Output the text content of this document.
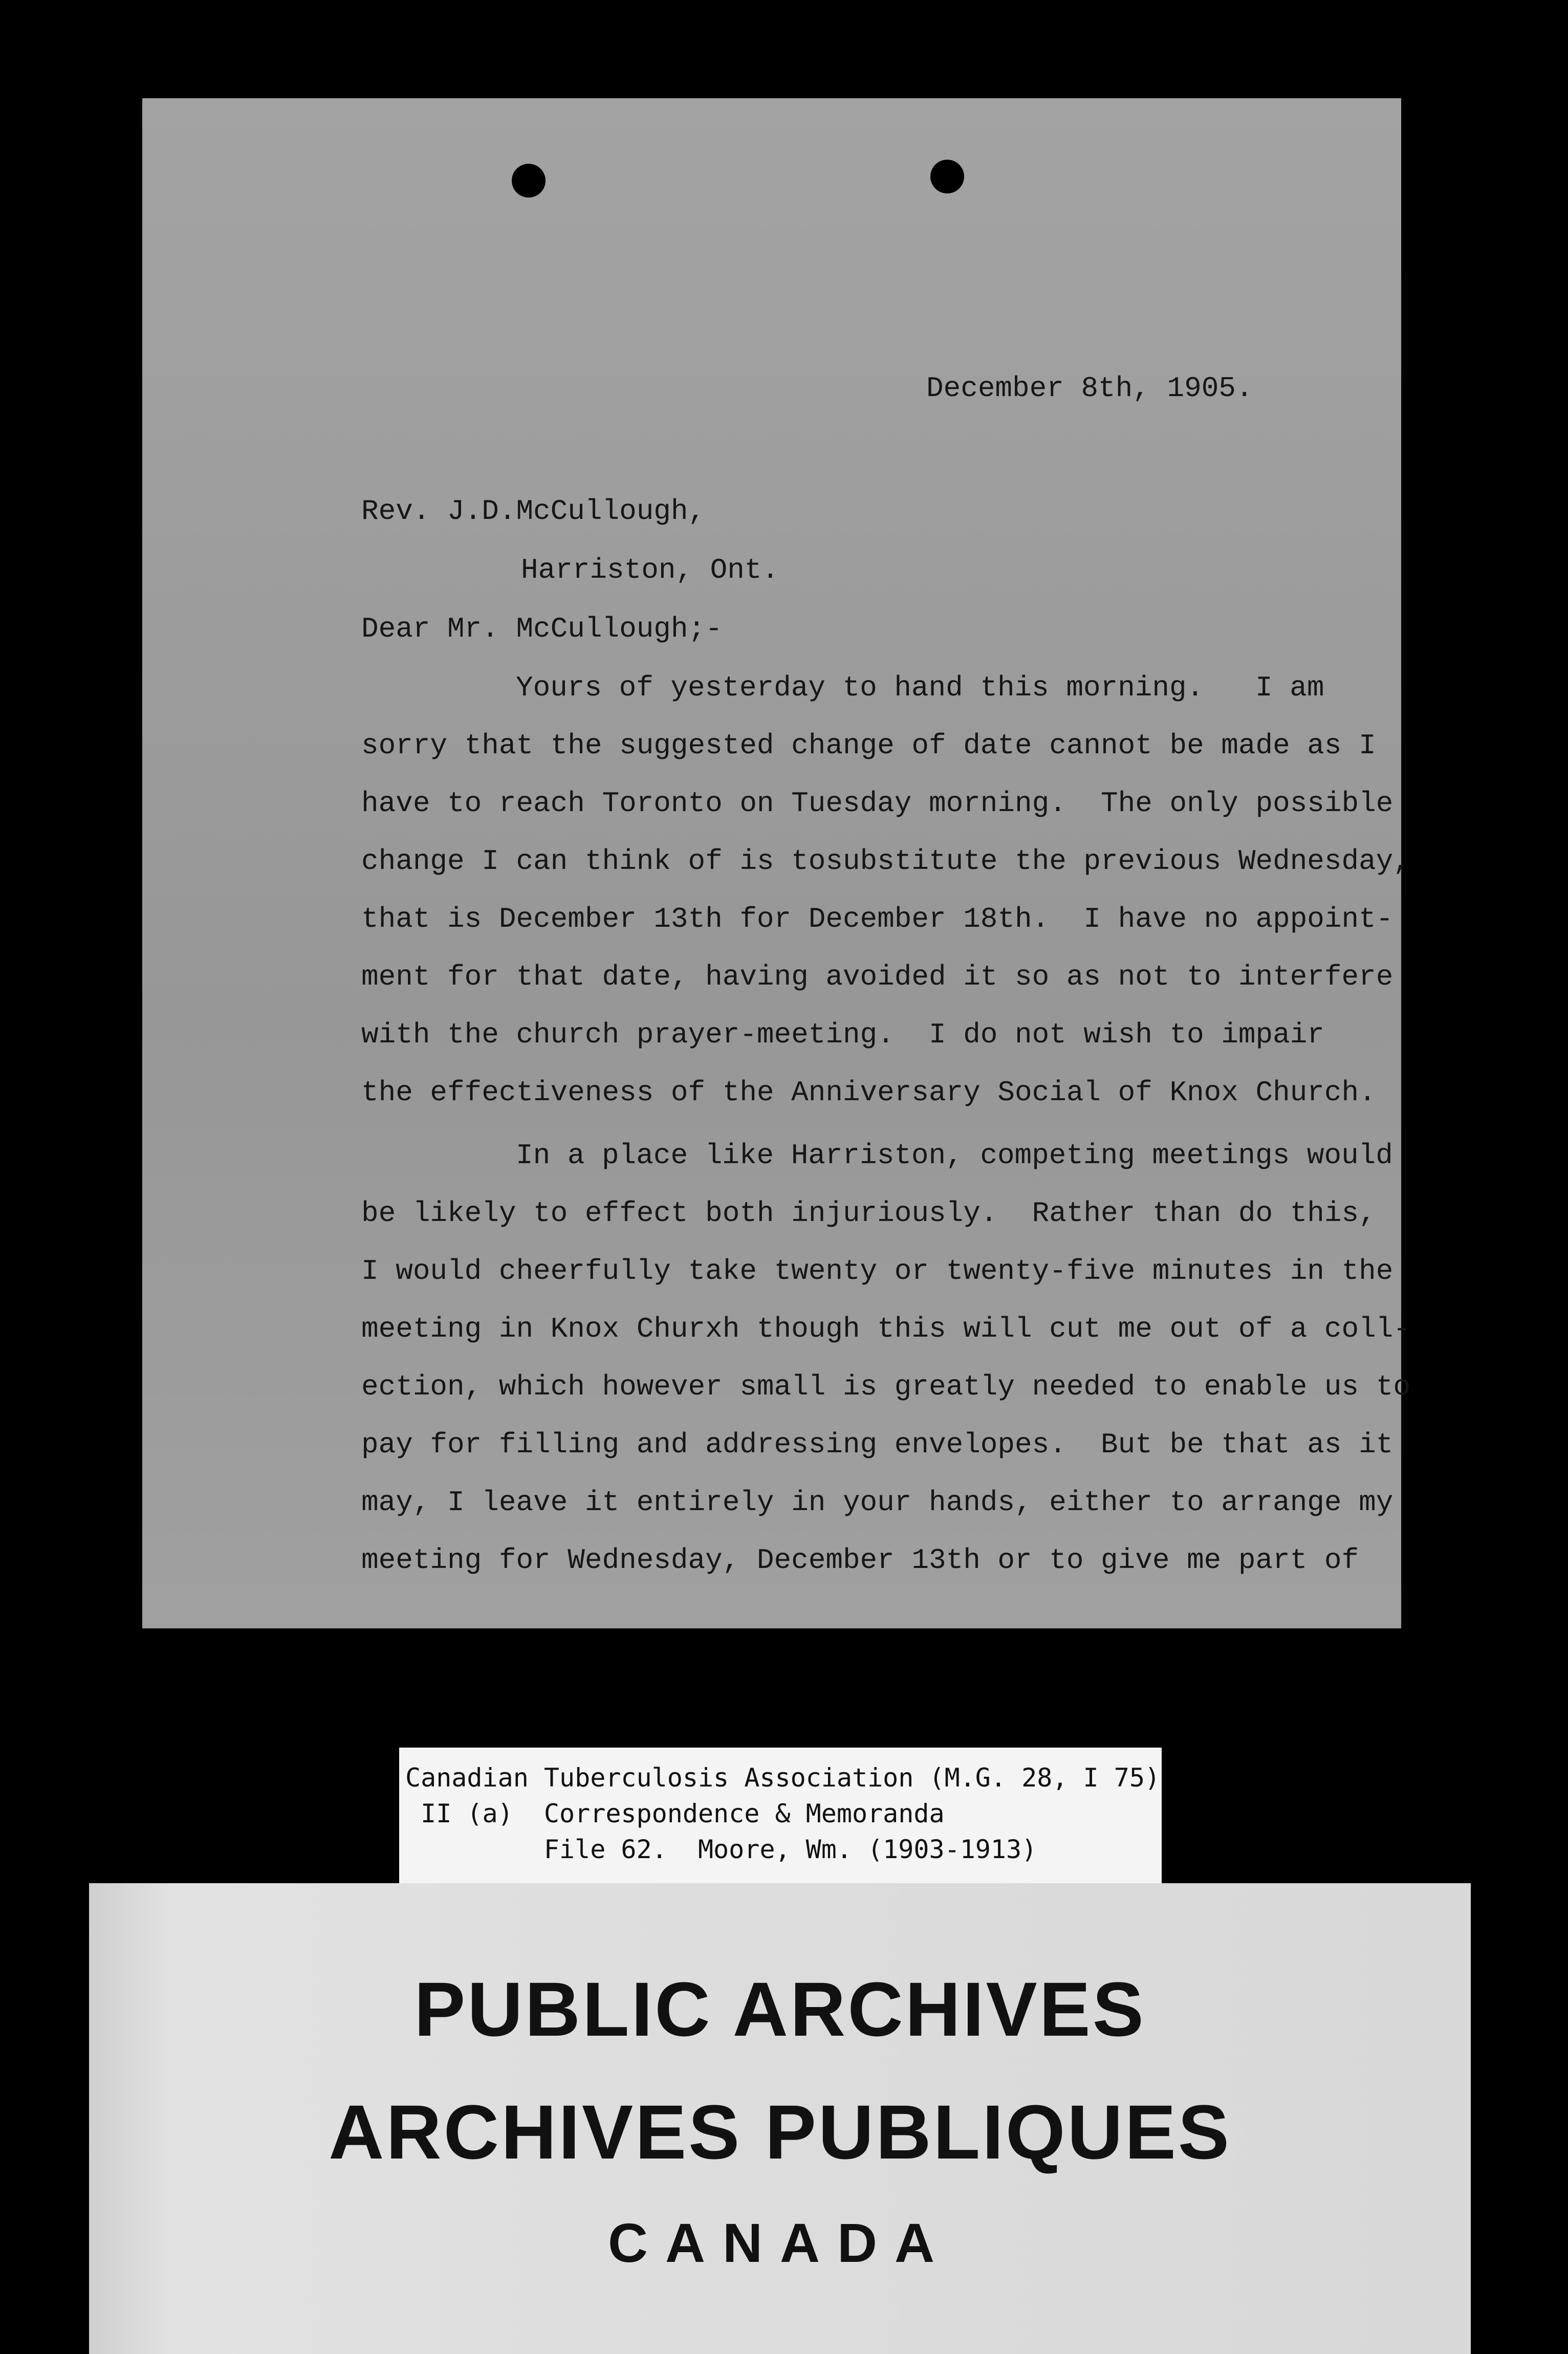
December 8th, 1905.
Rev. J.D.McCullough,
Harriston, Ont.
Dear Mr. McCullough;-
Yours of yesterday to hand this morning.   I am
sorry that the suggested change of date cannot be made as I
have to reach Toronto on Tuesday morning.  The only possible
change I can think of is tosubstitute the previous Wednesday,
that is December 13th for December 18th.  I have no appoint-
ment for that date, having avoided it so as not to interfere
with the church prayer-meeting.  I do not wish to impair
the effectiveness of the Anniversary Social of Knox Church.
In a place like Harriston, competing meetings would
be likely to effect both injuriously.  Rather than do this,
I would cheerfully take twenty or twenty-five minutes in the
meeting in Knox Churxh though this will cut me out of a coll-
ection, which however small is greatly needed to enable us to
pay for filling and addressing envelopes.  But be that as it
may, I leave it entirely in your hands, either to arrange my
meeting for Wednesday, December 13th or to give me part of
Canadian Tuberculosis Association (M.G. 28, I 75)
II (a)  Correspondence & Memoranda
File 62.  Moore, Wm. (1903-1913)
PUBLIC ARCHIVES
ARCHIVES PUBLIQUES
CANADA
